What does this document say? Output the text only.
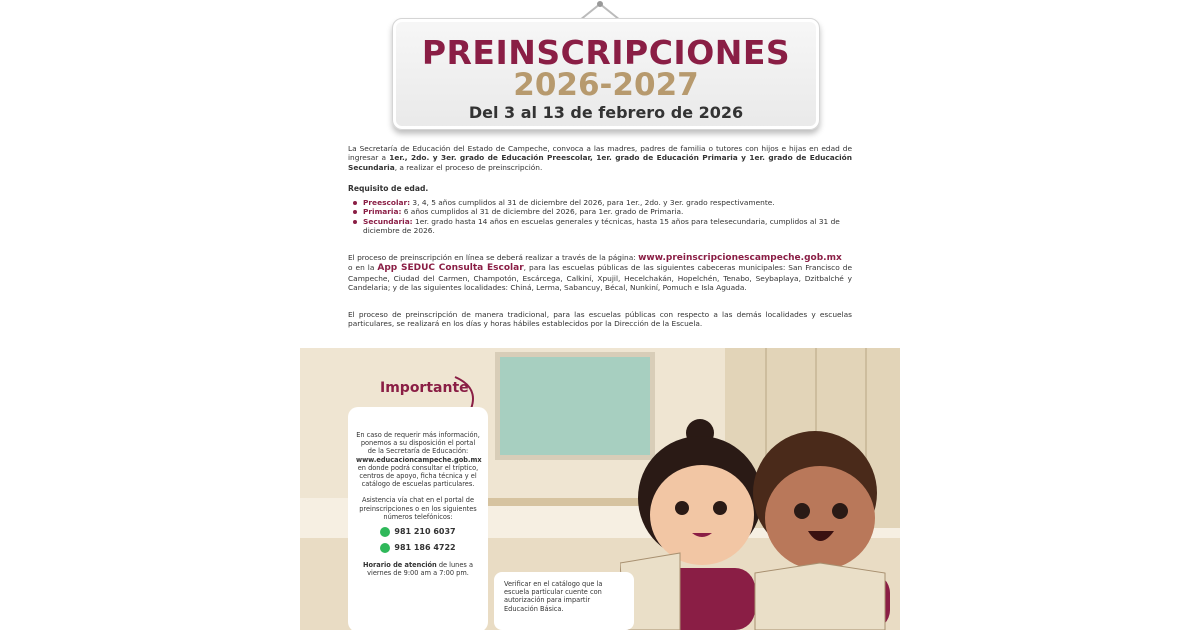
PREINSCRIPCIONES
2026-2027
Del 3 al 13 de febrero de 2026
La Secretaría de Educación del Estado de Campeche, convoca a las madres, padres de familia o tutores con hijos e hijas en edad de ingresar a 1er., 2do. y 3er. grado de Educación Preescolar, 1er. grado de Educación Primaria y 1er. grado de Educación Secundaria, a realizar el proceso de preinscripción.
Requisito de edad.
Preescolar: 3, 4, 5 años cumplidos al 31 de diciembre del 2026, para 1er., 2do. y 3er. grado respectivamente.
Primaria: 6 años cumplidos al 31 de diciembre del 2026, para 1er. grado de Primaria.
Secundaria: 1er. grado hasta 14 años en escuelas generales y técnicas, hasta 15 años para telesecundaria, cumplidos al 31 de diciembre de 2026.
El proceso de preinscripción en línea se deberá realizar a través de la página: www.preinscripcionescampeche.gob.mx
o en la App SEDUC Consulta Escolar, para las escuelas públicas de las siguientes cabeceras municipales: San Francisco de Campeche, Ciudad del Carmen, Champotón, Escárcega, Calkiní, Xpujil, Hecelchakán, Hopelchén, Tenabo, Seybaplaya, Dzitbalché y Candelaria; y de las siguientes localidades: Chiná, Lerma, Sabancuy, Bécal, Nunkiní, Pomuch e Isla Aguada.
El proceso de preinscripción de manera tradicional, para las escuelas públicas con respecto a las demás localidades y escuelas particulares, se realizará en los días y horas hábiles establecidos por la Dirección de la Escuela.
Importante
En caso de requerir más información, ponemos a su disposición el portal de la Secretaría de Educación:
www.educacioncampeche.gob.mx
en donde podrá consultar el tríptico, centros de apoyo, ficha técnica y el catálogo de escuelas particulares.
Asistencia vía chat en el portal de preinscripciones o en los siguientes números telefónicos:
981 210 6037
981 186 4722
Horario de atención de lunes a viernes de 9:00 am a 7:00 pm.
Verificar en el catálogo que la escuela particular cuente con autorización para impartir Educación Básica.
